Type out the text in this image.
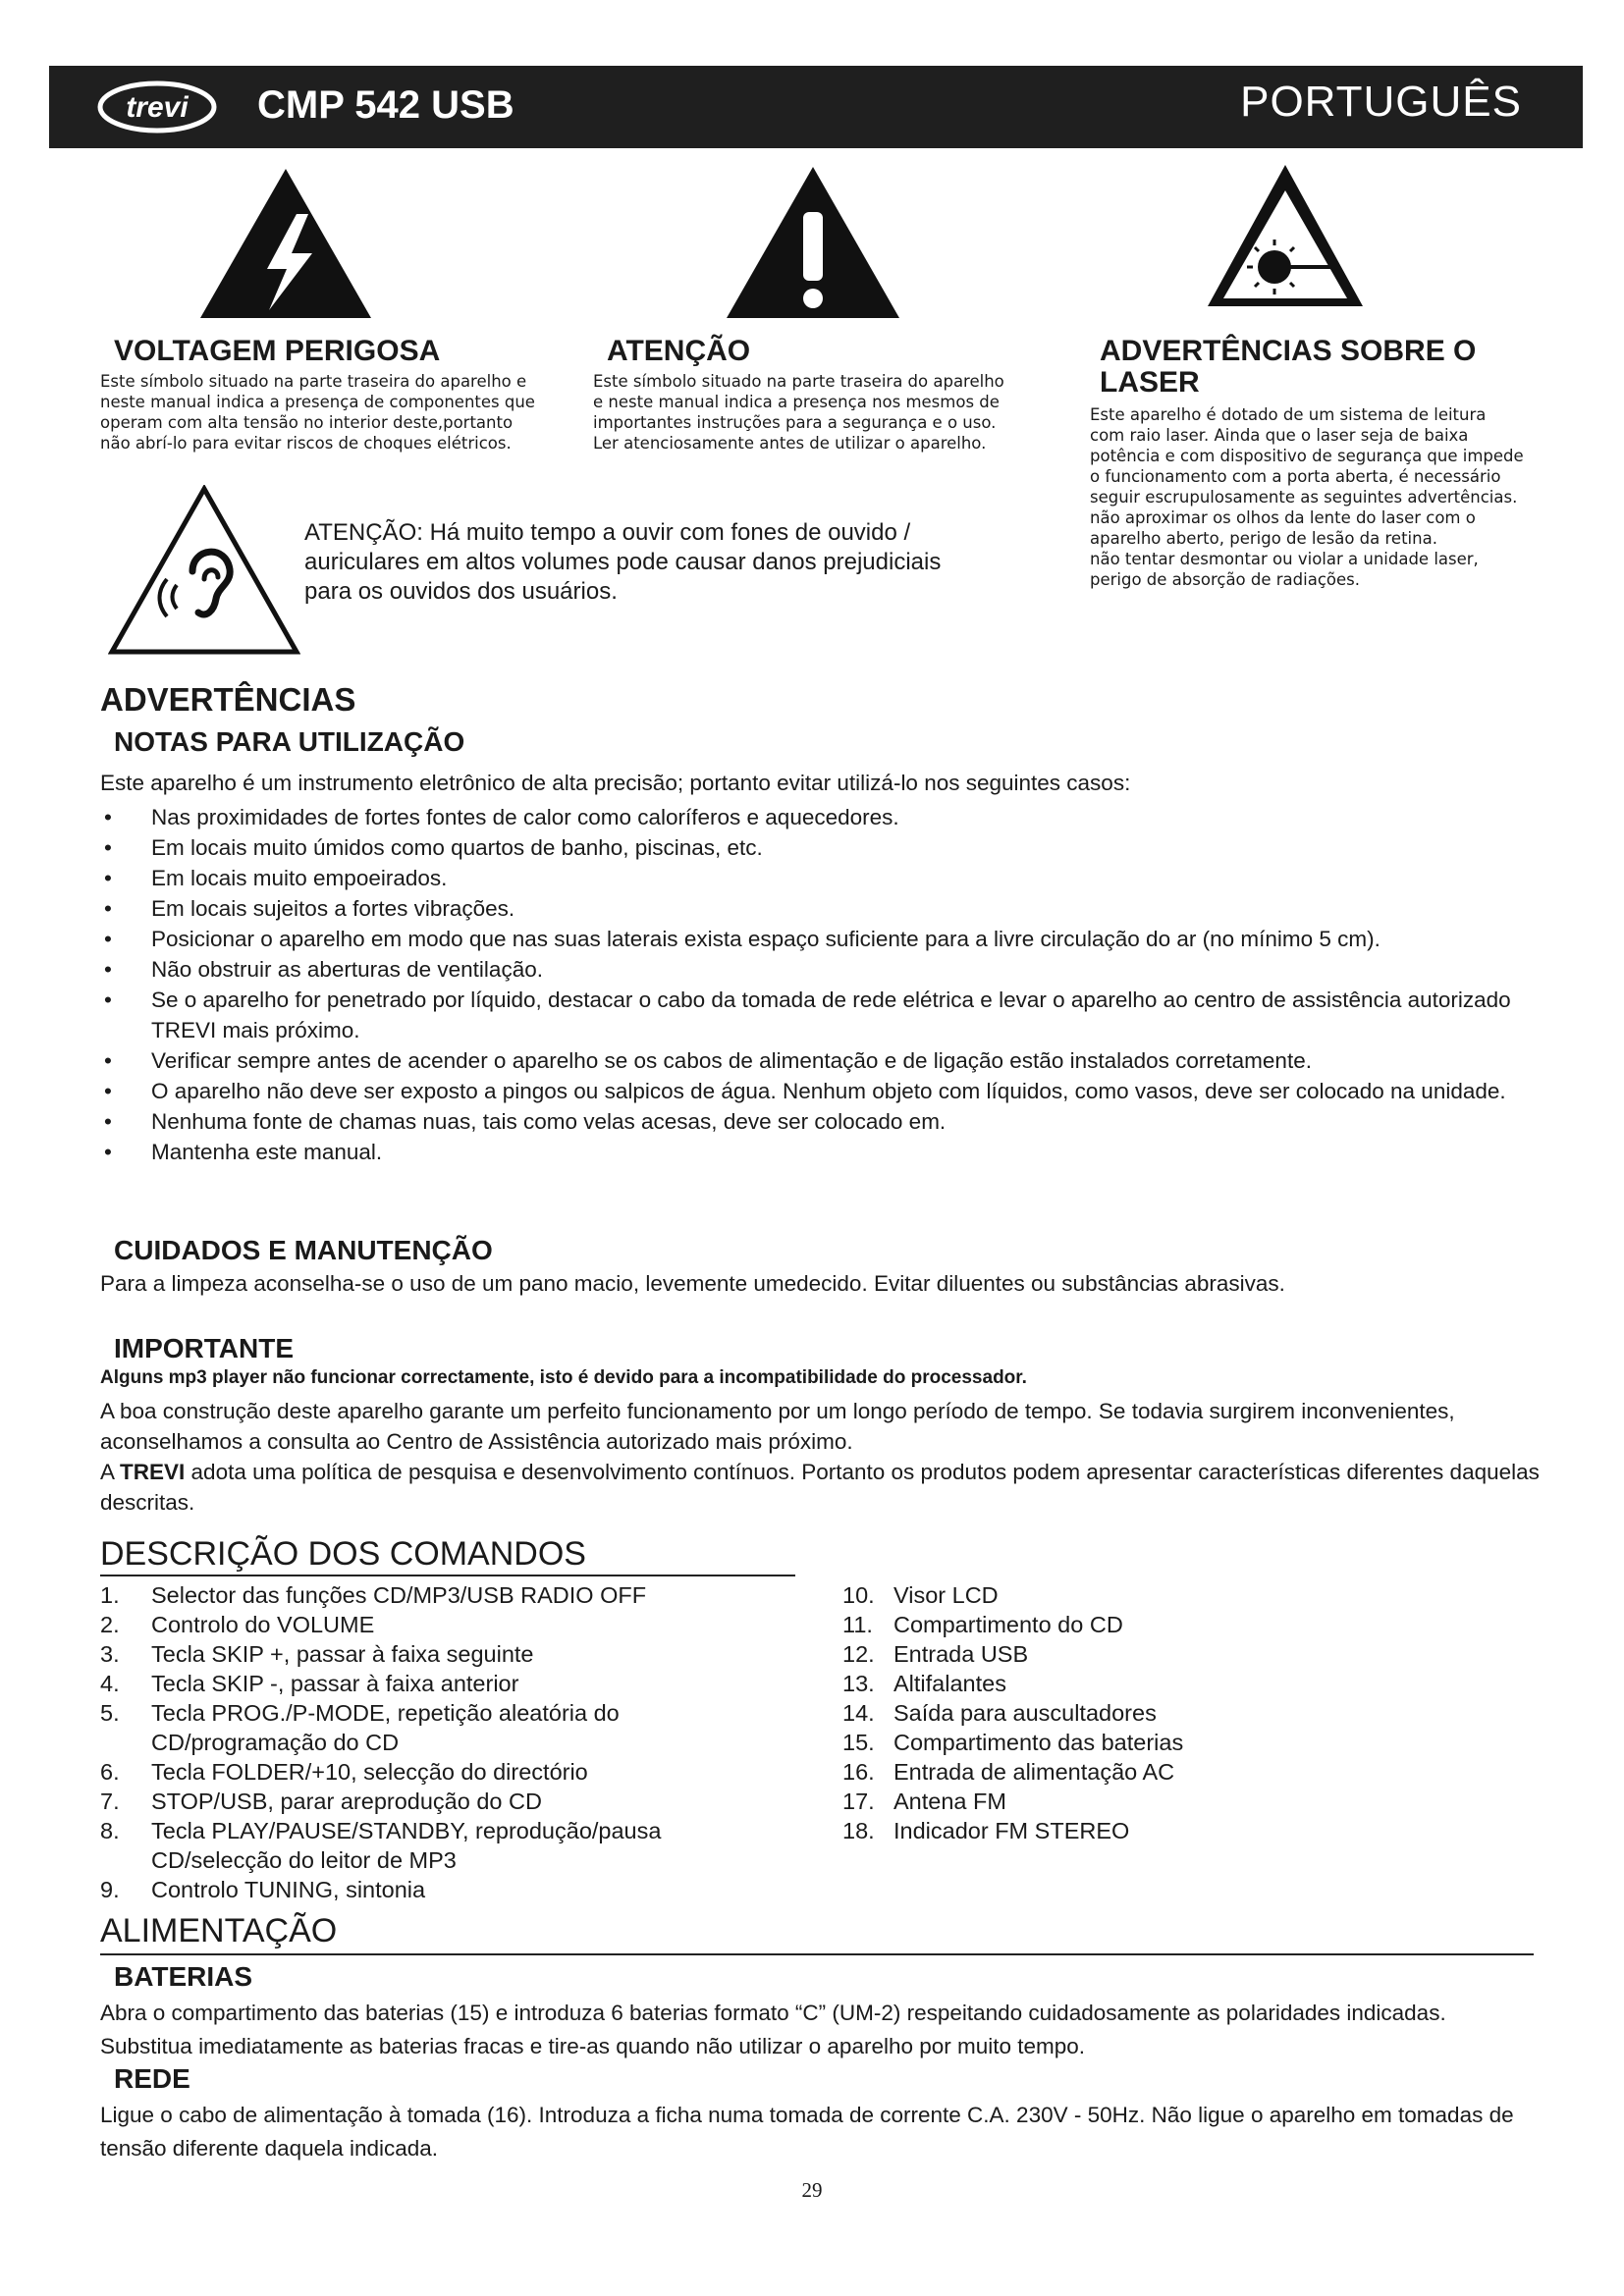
trevi CMP 542 USB	PORTUGUÊS
VOLTAGEM PERIGOSA
Este símbolo situado na parte traseira do aparelho e
neste manual indica a presença de componentes que
operam com alta tensão no interior deste,portanto
não abrí-lo para evitar riscos de choques elétricos.
ATENÇÃO
Este símbolo situado na parte traseira do aparelho
e neste manual indica a presença nos mesmos de
importantes instruções para a segurança e o uso.
Ler atenciosamente antes de utilizar o aparelho.
ADVERTÊNCIAS SOBRE O
LASER
Este aparelho é dotado de um sistema de leitura
com raio laser. Ainda que o laser seja de baixa
potência e com dispositivo de segurança que impede
o funcionamento com a porta aberta, é necessário
seguir escrupulosamente as seguintes advertências.
não aproximar os olhos da lente do laser com o
aparelho aberto, perigo de lesão da retina.
não tentar desmontar ou violar a unidade laser,
perigo de absorção de radiações.
ATENÇÃO: Há muito tempo a ouvir com fones de ouvido /
auriculares em altos volumes pode causar danos prejudiciais
para os ouvidos dos usuários.
ADVERTÊNCIAS
NOTAS PARA UTILIZAÇÃO
Este aparelho é um instrumento eletrônico de alta precisão; portanto evitar utilizá-lo nos seguintes casos:
• Nas proximidades de fortes fontes de calor como caloríferos e aquecedores.
• Em locais muito úmidos como quartos de banho, piscinas, etc.
• Em locais muito empoeirados.
• Em locais sujeitos a fortes vibrações.
• Posicionar o aparelho em modo que nas suas laterais exista espaço suficiente para a livre circulação do ar (no mínimo 5 cm).
• Não obstruir as aberturas de ventilação.
• Se o aparelho for penetrado por líquido, destacar o cabo da tomada de rede elétrica e levar o aparelho ao centro de assistência autorizado TREVI mais próximo.
• Verificar sempre antes de acender o aparelho se os cabos de alimentação e de ligação estão instalados corretamente.
• O aparelho não deve ser exposto a pingos ou salpicos de água. Nenhum objeto com líquidos, como vasos, deve ser colocado na unidade.
• Nenhuma fonte de chamas nuas, tais como velas acesas, deve ser colocado em.
• Mantenha este manual.
CUIDADOS E MANUTENÇÃO
Para a limpeza aconselha-se o uso de um pano macio, levemente umedecido. Evitar diluentes ou substâncias abrasivas.
IMPORTANTE
Alguns mp3 player não funcionar correctamente, isto é devido para a incompatibilidade do processador.
A boa construção deste aparelho garante um perfeito funcionamento por um longo período de tempo. Se todavia surgirem inconvenientes, aconselhamos a consulta ao Centro de Assistência autorizado mais próximo.
A TREVI adota uma política de pesquisa e desenvolvimento contínuos. Portanto os produtos podem apresentar características diferentes daquelas descritas.
DESCRIÇÃO DOS COMANDOS
1.	Selector das funções CD/MP3/USB RADIO OFF
2.	Controlo do VOLUME
3.	Tecla SKIP +, passar à faixa seguinte
4.	Tecla SKIP -, passar à faixa anterior
5.	Tecla PROG./P-MODE, repetição aleatória do CD/programação do CD
6.	Tecla FOLDER/+10, selecção do directório
7.	STOP/USB, parar areprodução do CD
8.	Tecla PLAY/PAUSE/STANDBY, reprodução/pausa CD/selecção do leitor de MP3
9.	Controlo TUNING, sintonia
10. Visor LCD
11. Compartimento do CD
12. Entrada USB
13. Altifalantes
14. Saída para auscultadores
15. Compartimento das baterias
16. Entrada de alimentação AC
17. Antena FM
18. Indicador FM STEREO
ALIMENTAÇÃO
BATERIAS
Abra o compartimento das baterias (15) e introduza 6 baterias formato “C” (UM-2) respeitando cuidadosamente as polaridades indicadas. Substitua imediatamente as baterias fracas e tire-as quando não utilizar o aparelho por muito tempo.
REDE
Ligue o cabo de alimentação à tomada (16). Introduza a ficha numa tomada de corrente C.A. 230V - 50Hz. Não ligue o aparelho em tomadas de tensão diferente daquela indicada.
29
